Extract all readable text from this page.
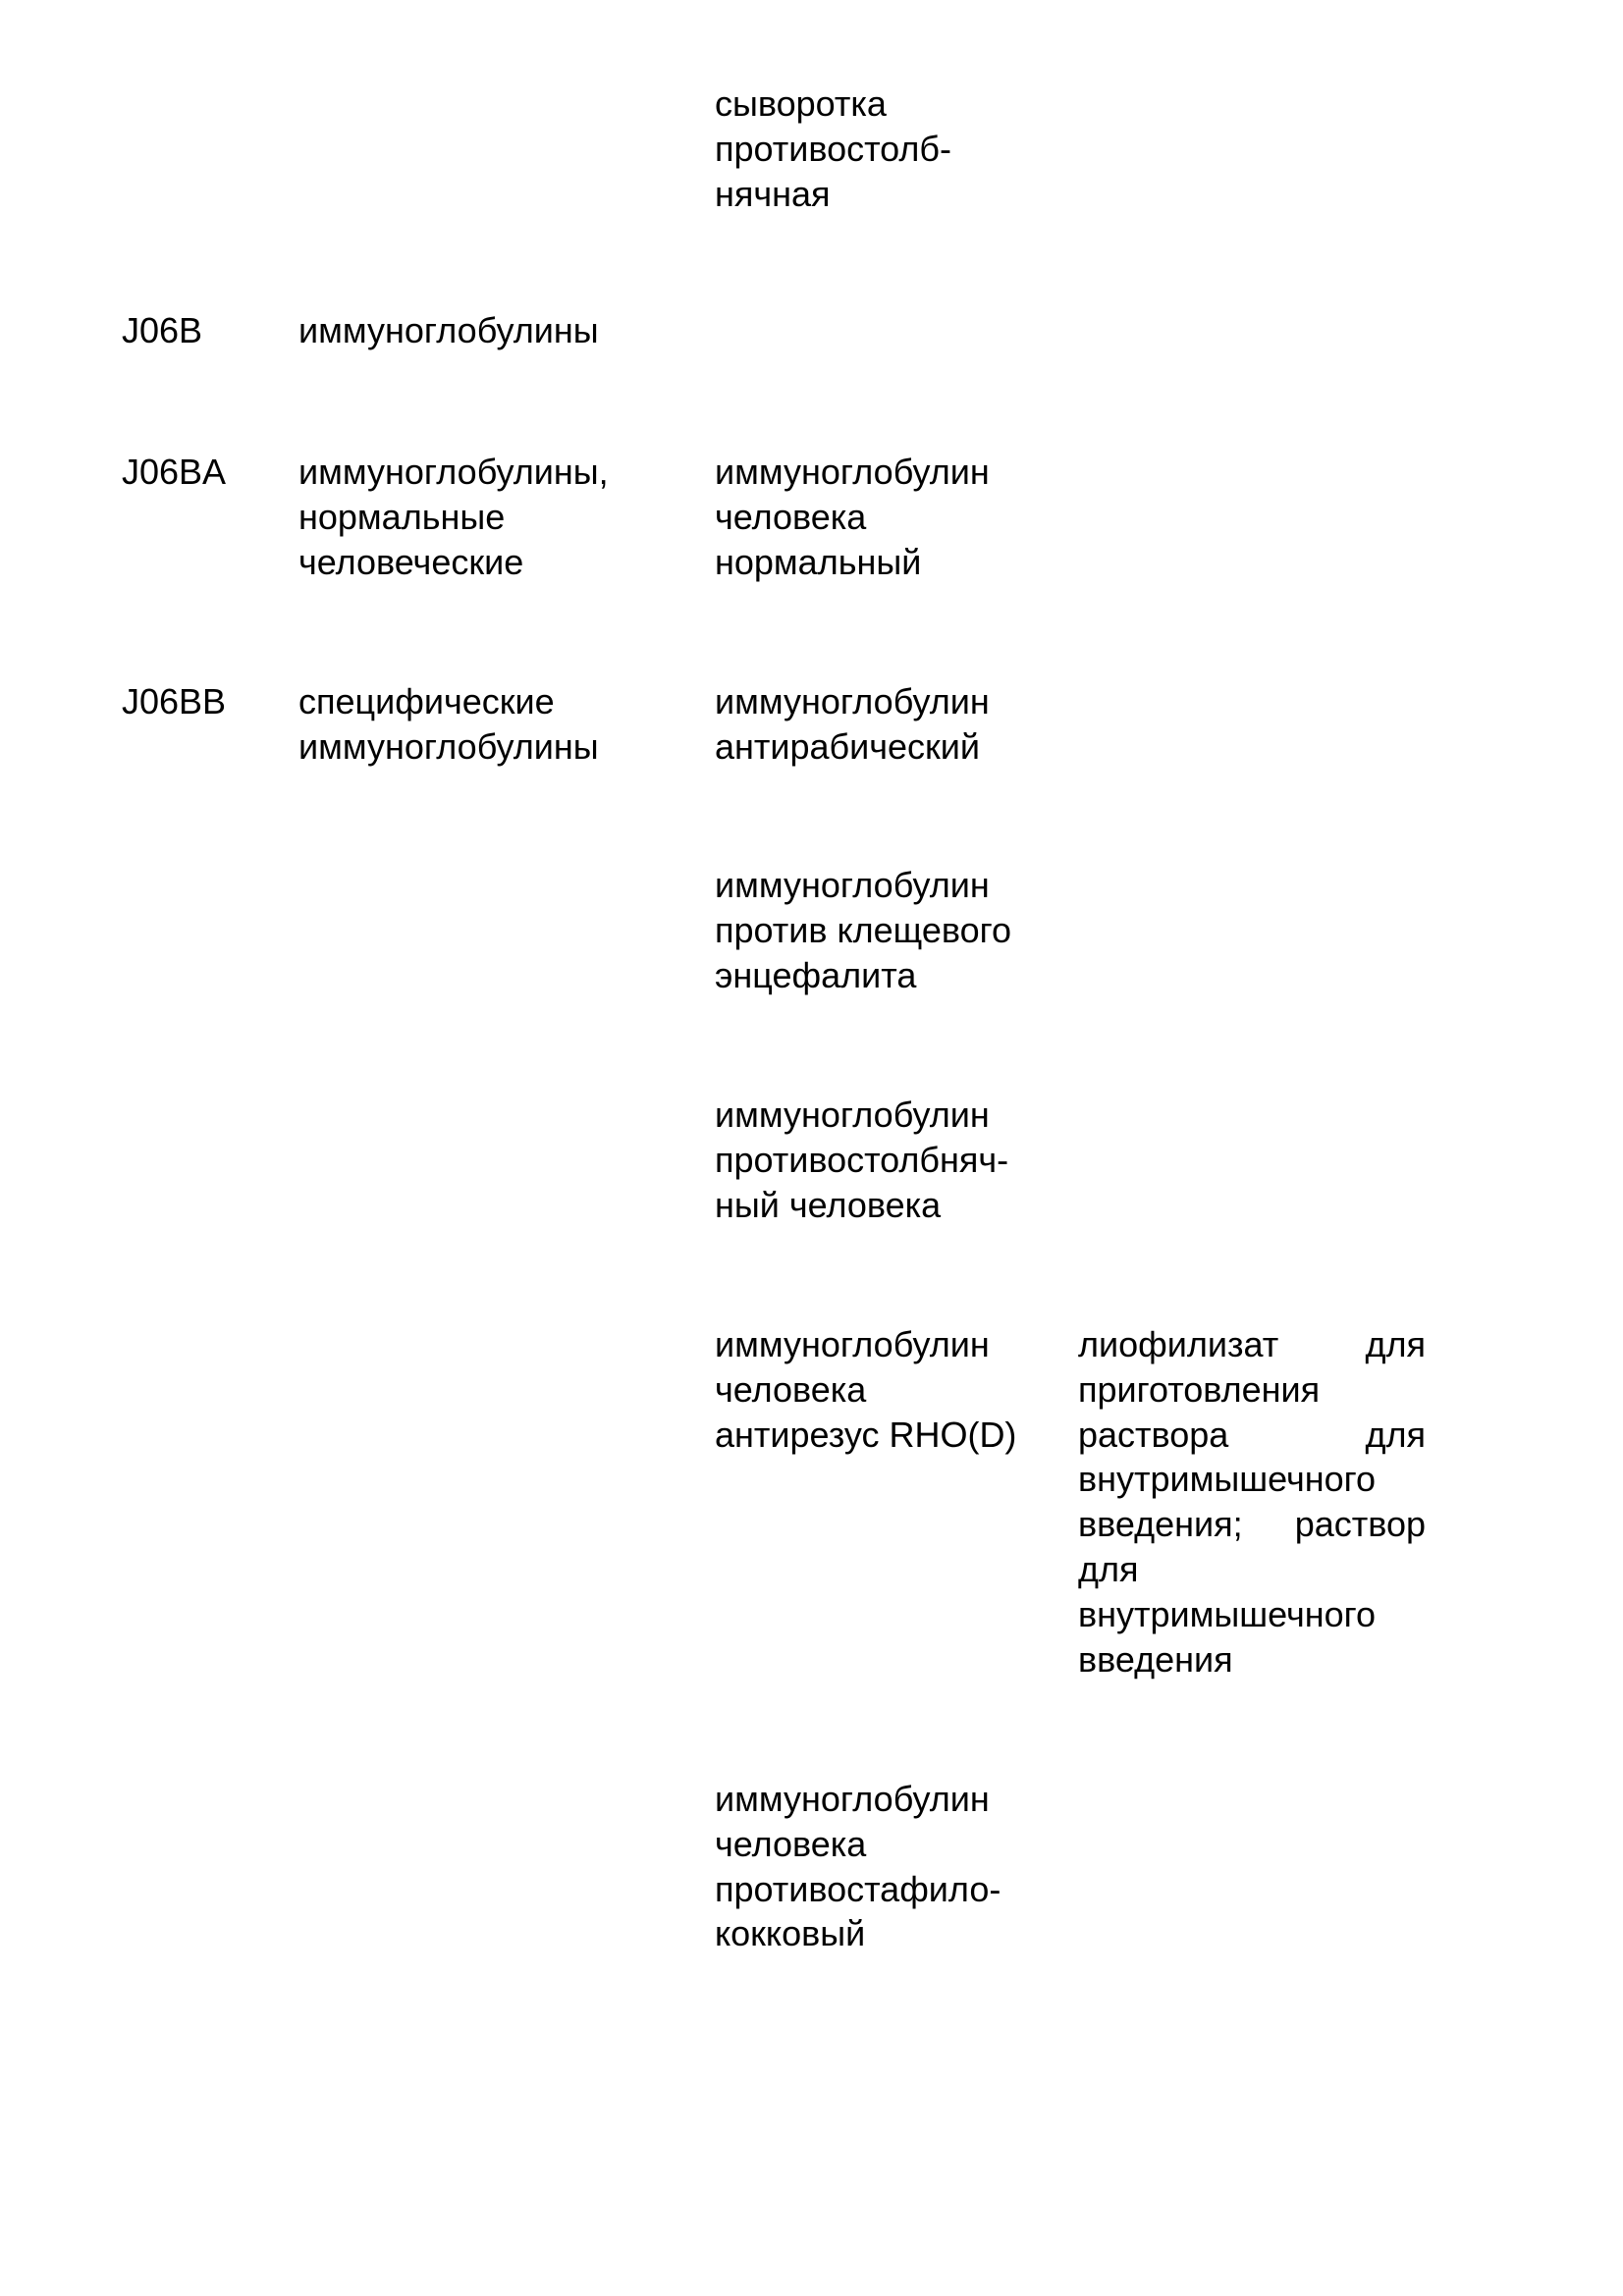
сыворотка
противостолб-
нячная
J06B	иммуноглобулины
J06BA иммуноглобулины,
нормальные
человеческие
иммуноглобулин
человека
нормальный
J06BB специфические
иммуноглобулины
иммуноглобулин
антирабический
иммуноглобулин
против клещевого
энцефалита
иммуноглобулин
противостолбняч-
ный человека
иммуноглобулин
человека
антирезус RHO(D)
лиофилизат для
приготовления
раствора	для
внутримышечного
введения; раствор
для
внутримышечного
введения
иммуноглобулин
человека
противостафило-
кокковый
